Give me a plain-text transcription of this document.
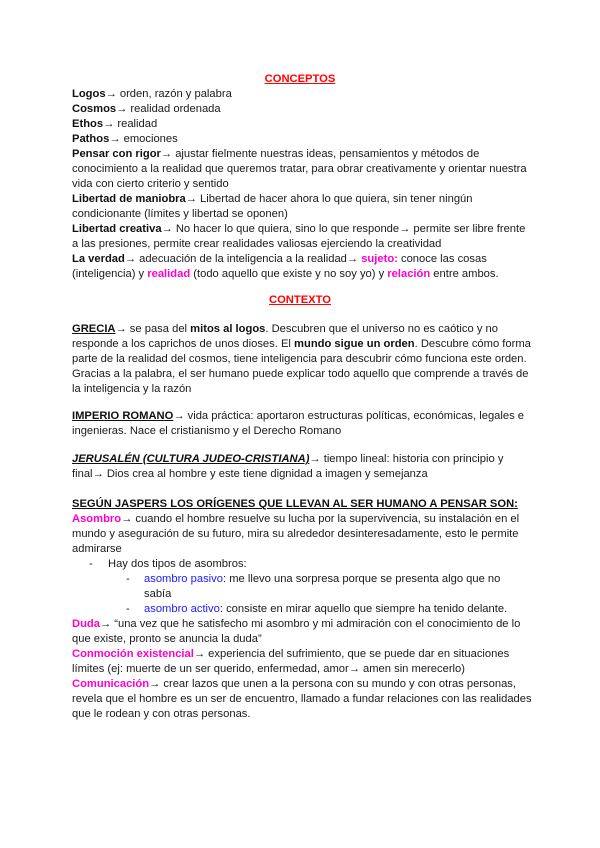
CONCEPTOS

Logos→ orden, razón y palabra

Cosmos→ realidad ordenada

Ethos→ realidad

Pathos→ emociones

Pensar con rigor→ ajustar fielmente nuestras ideas, pensamientos y métodos de conocimiento a la realidad que queremos tratar, para obrar creativamente y orientar nuestra vida con cierto criterio y sentido

Libertad de maniobra→ Libertad de hacer ahora lo que quiera, sin tener ningún condicionante (límites y libertad se oponen)

Libertad creativa→ No hacer lo que quiera, sino lo que responde→ permite ser libre frente a las presiones, permite crear realidades valiosas ejerciendo la creatividad

La verdad→ adecuación de la inteligencia a la realidad→ sujeto: conoce las cosas (inteligencia) y realidad (todo aquello que existe y no soy yo) y relación entre ambos.

CONTEXTO

GRECIA→ se pasa del mitos al logos. Descubren que el universo no es caótico y no responde a los caprichos de unos dioses. El mundo sigue un orden. Descubre cómo forma parte de la realidad del cosmos, tiene inteligencia para descubrir cómo funciona este orden. Gracias a la palabra, el ser humano puede explicar todo aquello que comprende a través de la inteligencia y la razón

IMPERIO ROMANO→ vida práctica: aportaron estructuras políticas, económicas, legales e ingenieras. Nace el cristianismo y el Derecho Romano

JERUSALÉN (CULTURA JUDEO-CRISTIANA)→ tiempo lineal: historia con principio y final→ Dios crea al hombre y este tiene dignidad a imagen y semejanza

SEGÚN JASPERS LOS ORÍGENES QUE LLEVAN AL SER HUMANO A PENSAR SON:

Asombro→ cuando el hombre resuelve su lucha por la supervivencia, su instalación en el mundo y aseguración de su futuro, mira su alrededor desinteresadamente, esto le permite admirarse

- Hay dos tipos de asombros:

- asombro pasivo: me llevo una sorpresa porque se presenta algo que no sabía

- asombro activo: consiste en mirar aquello que siempre ha tenido delante.

Duda→ “una vez que he satisfecho mi asombro y mi admiración con el conocimiento de lo que existe, pronto se anuncia la duda”

Conmoción existencial→ experiencia del sufrimiento, que se puede dar en situaciones límites (ej: muerte de un ser querido, enfermedad, amor→ amen sin merecerlo)

Comunicación→ crear lazos que unen a la persona con su mundo y con otras personas, revela que el hombre es un ser de encuentro, llamado a fundar relaciones con las realidades que le rodean y con otras personas.
